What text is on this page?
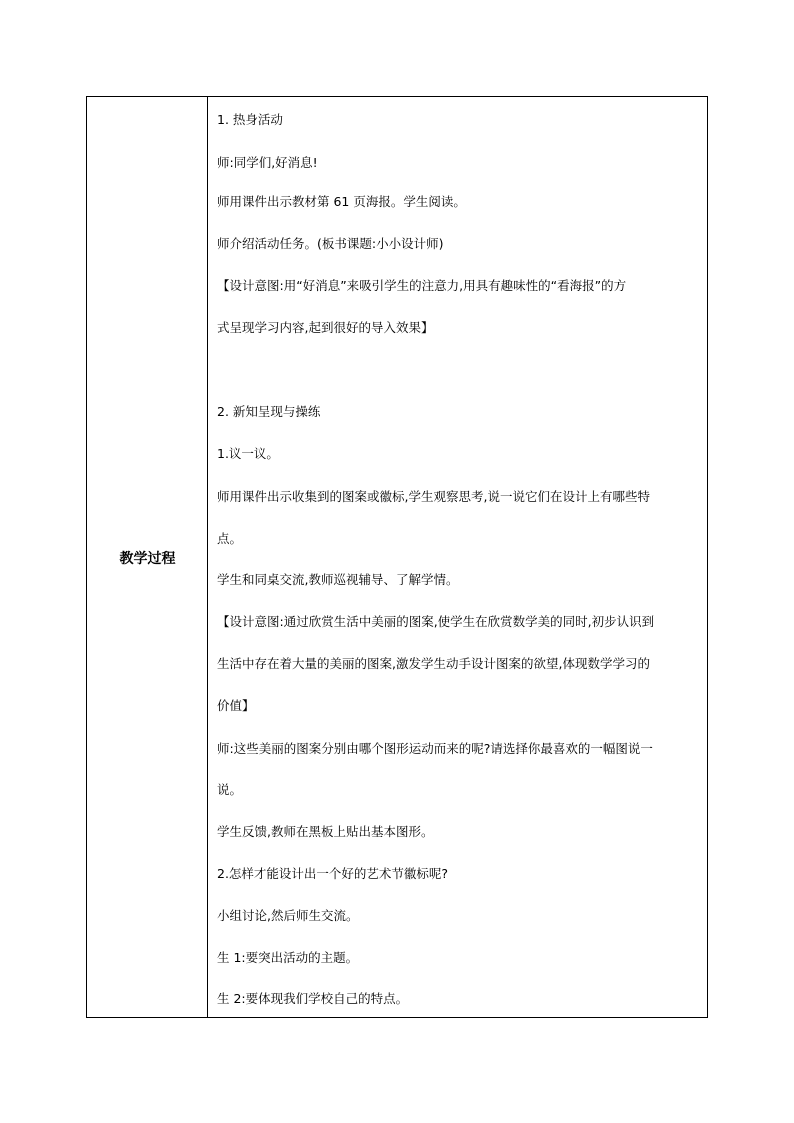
教学过程
1. 热身活动
师:同学们,好消息!
师用课件出示教材第 61 页海报。学生阅读。
师介绍活动任务。(板书课题:小小设计师)
【设计意图:用“好消息”来吸引学生的注意力,用具有趣味性的“看海报”的方
式呈现学习内容,起到很好的导入效果】
2. 新知呈现与操练
1.议一议。
师用课件出示收集到的图案或徽标,学生观察思考,说一说它们在设计上有哪些特
点。
学生和同桌交流,教师巡视辅导、了解学情。
【设计意图:通过欣赏生活中美丽的图案,使学生在欣赏数学美的同时,初步认识到
生活中存在着大量的美丽的图案,激发学生动手设计图案的欲望,体现数学学习的
价值】
师:这些美丽的图案分别由哪个图形运动而来的呢?请选择你最喜欢的一幅图说一
说。
学生反馈,教师在黑板上贴出基本图形。
2.怎样才能设计出一个好的艺术节徽标呢?
小组讨论,然后师生交流。
生 1:要突出活动的主题。
生 2:要体现我们学校自己的特点。
